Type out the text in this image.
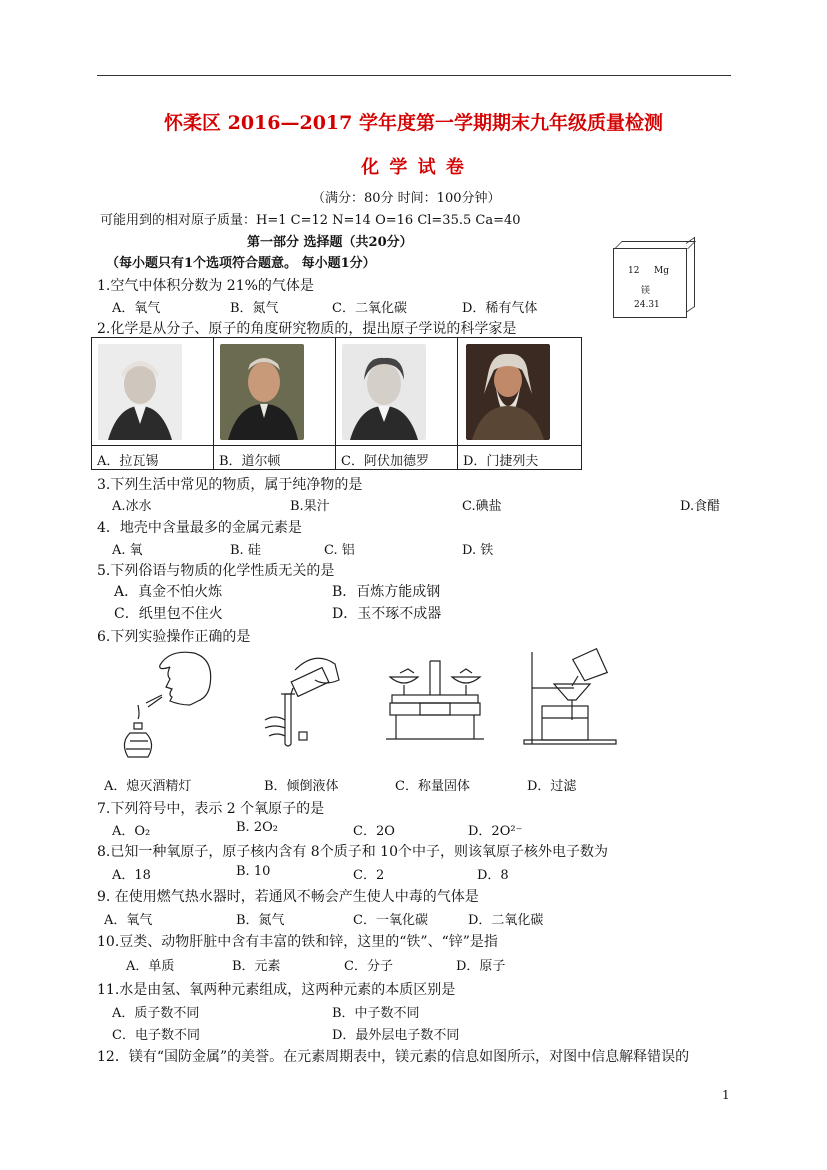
怀柔区 2016—2017 学年度第一学期期末九年级质量检测
化 学 试 卷
（满分：80分 时间：100分钟）
可能用到的相对原子质量：H=1 C=12 N=14 O=16 Cl=35.5 Ca=40
第一部分 选择题（共20分）
（每小题只有1个选项符合题意。 每小题1分）	12 Mg
镁
24.31
1.空气中体积分数为 21%的气体是
A．氧气	B．氮气	C．二氧化碳	D．稀有气体
2.化学是从分子、原子的角度研究物质的，提出原子学说的科学家是
A．拉瓦锡	B．道尔顿	C．阿伏加德罗	D．门捷列夫
3.下列生活中常见的物质，属于纯净物的是
A.冰水	B.果汁	C.碘盐	D.食醋
4．地壳中含量最多的金属元素是
A. 氧	B. 硅	C. 铝	D. 铁
5.下列俗语与物质的化学性质无关的是
A．真金不怕火炼	B．百炼方能成钢
C．纸里包不住火	D．玉不琢不成器
6.下列实验操作正确的是
A．熄灭酒精灯	B．倾倒液体	C．称量固体	D．过滤
7.下列符号中，表示 2 个氧原子的是
A．O₂	B. 2O₂	C．2O	D．2O²⁻
8.已知一种氧原子，原子核内含有 8个质子和 10个中子，则该氧原子核外电子数为
A．18	B. 10	C．2	D．8
9. 在使用燃气热水器时，若通风不畅会产生使人中毒的气体是
A．氧气	B．氮气	C．一氧化碳	D．二氧化碳
10.豆类、动物肝脏中含有丰富的铁和锌，这里的“铁”、“锌”是指
A．单质	B．元素	C．分子	D．原子
11.水是由氢、氧两种元素组成，这两种元素的本质区别是
A．质子数不同	B．中子数不同
C．电子数不同	D．最外层电子数不同
12．镁有“国防金属”的美誉。在元素周期表中，镁元素的信息如图所示，对图中信息解释错误的
1
